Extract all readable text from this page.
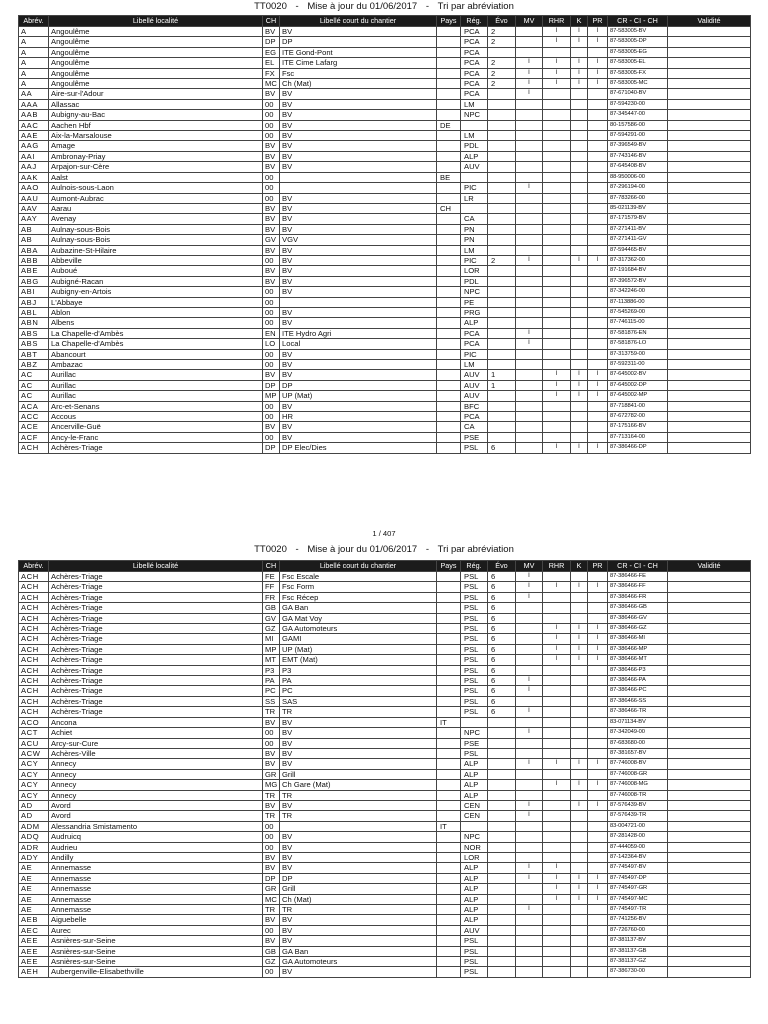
TT0020 - Mise à jour du 01/06/2017 - Tri par abréviation
Abrév.	Libellé localité	CH	Libellé court du chantier	Pays	Rég.	Évo	MV	RHR	K	PR	CR - CI - CH	Validité
A	Angoulême	BV	BV		PCA	2		I	I	I	87-583005-BV	
A	Angoulême	DP	DP		PCA	2		I	I	I	87-583005-DP	
A	Angoulême	EG	ITE Gond-Pont		PCA						87-583005-EG	
A	Angoulême	EL	ITE Cime Lafarg		PCA	2	I	I	I	I	87-583005-EL	
A	Angoulême	FX	Fsc		PCA	2	I	I	I	I	87-583005-FX	
A	Angoulême	MC	Ch (Mat)		PCA	2	I	I	I	I	87-583005-MC	
AA	Aire-sur-l'Adour	BV	BV		PCA		I				87-671040-BV	
AAA	Allassac	00	BV		LM						87-594230-00	
AAB	Aubigny-au-Bac	00	BV		NPC						87-345447-00	
AAC	Aachen Hbf	00	BV	DE							80-157586-00	
AAE	Aix-la-Marsalouse	00	BV		LM						87-594291-00	
AAG	Amage	BV	BV		PDL						87-396549-BV	
AAI	Ambronay-Priay	BV	BV		ALP						87-743146-BV	
AAJ	Arpajon-sur-Cère	BV	BV		AUV						87-645408-BV	
AAK	Aalst	00		BE							88-950006-00	
AAO	Aulnois-sous-Laon	00			PIC		I				87-296194-00	
AAU	Aumont-Aubrac	00	BV		LR						87-783266-00	
AAV	Aarau	BV	BV	CH							85-021139-BV	
AAY	Avenay	BV	BV		CA						87-171579-BV	
AB	Aulnay-sous-Bois	BV	BV		PN						87-271411-BV	
AB	Aulnay-sous-Bois	GV	VGV		PN						87-271411-GV	
ABA	Aubazine-St-Hilaire	BV	BV		LM						87-594465-BV	
ABB	Abbeville	00	BV		PIC	2	I		I	I	87-317362-00	
ABE	Auboué	BV	BV		LOR						87-191684-BV	
ABG	Aubigné-Racan	BV	BV		PDL						87-396572-BV	
ABI	Aubigny-en-Artois	00	BV		NPC						87-342246-00	
ABJ	L'Abbaye	00			PE						87-113886-00	
ABL	Ablon	00	BV		PRG						87-545269-00	
ABN	Albens	00	BV		ALP						87-746115-00	
ABS	La Chapelle-d'Ambès	EN	ITE Hydro Agri		PCA		I				87-581876-EN	
ABS	La Chapelle-d'Ambès	LO	Local		PCA		I				87-581876-LO	
ABT	Abancourt	00	BV		PIC						87-313759-00	
ABZ	Ambazac	00	BV		LM						87-592311-00	
AC	Aurillac	BV	BV		AUV	1		I	I	I	87-645002-BV	
AC	Aurillac	DP	DP		AUV	1		I	I	I	87-645002-DP	
AC	Aurillac	MP	UP (Mat)		AUV			I	I	I	87-645002-MP	
ACA	Arc-et-Senans	00	BV		BFC						87-718841-00	
ACC	Accous	00	HR		PCA						87-672782-00	
ACE	Ancerville-Guë	BV	BV		CA						87-175166-BV	
ACF	Ancy-le-Franc	00	BV		PSE						87-713164-00	
ACH	Achères-Triage	DP	DP Elec/Dies		PSL	6		I	I	I	87-386466-DP	
1 / 407
TT0020 - Mise à jour du 01/06/2017 - Tri par abréviation
Abrév.	Libellé localité	CH	Libellé court du chantier	Pays	Rég.	Évo	MV	RHR	K	PR	CR - CI - CH	Validité
ACH	Achères-Triage	FE	Fsc Escale		PSL	6	I				87-386466-FE	
ACH	Achères-Triage	FF	Fsc Form		PSL	6	I	I	I	I	87-386466-FF	
ACH	Achères-Triage	FR	Fsc Récep		PSL	6	I				87-386466-FR	
ACH	Achères-Triage	GB	GA Ban		PSL	6					87-386466-GB	
ACH	Achères-Triage	GV	GA Mat Voy		PSL	6					87-386466-GV	
ACH	Achères-Triage	GZ	GA Automoteurs		PSL	6		I	I	I	87-386466-GZ	
ACH	Achères-Triage	MI	GAMI		PSL	6		I	I	I	87-386466-MI	
ACH	Achères-Triage	MP	UP (Mat)		PSL	6		I	I	I	87-386466-MP	
ACH	Achères-Triage	MT	EMT (Mat)		PSL	6		I	I	I	87-386466-MT	
ACH	Achères-Triage	P3	P3		PSL	6					87-386466-P3	
ACH	Achères-Triage	PA	PA		PSL	6	I				87-386466-PA	
ACH	Achères-Triage	PC	PC		PSL	6	I				87-386466-PC	
ACH	Achères-Triage	SS	SAS		PSL	6					87-386466-SS	
ACH	Achères-Triage	TR	TR		PSL	6	I				87-386466-TR	
ACO	Ancona	BV	BV	IT							83-071134-BV	
ACT	Achiet	00	BV		NPC		I				87-342049-00	
ACU	Arcy-sur-Cure	00	BV		PSE						87-683680-00	
ACW	Achères-Ville	BV	BV		PSL						87-381657-BV	
ACY	Annecy	BV	BV		ALP		I	I	I	I	87-746008-BV	
ACY	Annecy	GR	Grill		ALP						87-746008-GR	
ACY	Annecy	MG	Ch Gare (Mat)		ALP			I	I	I	87-746008-MG	
ACY	Annecy	TR	TR		ALP						87-746008-TR	
AD	Avord	BV	BV		CEN		I		I	I	87-576439-BV	
AD	Avord	TR	TR		CEN		I				87-576439-TR	
ADM	Alessandria Smistamento	00		IT							83-004721-00	
ADQ	Audruicq	00	BV		NPC						87-281428-00	
ADR	Audrieu	00	BV		NOR						87-444059-00	
ADY	Andilly	BV	BV		LOR						87-142364-BV	
AE	Annemasse	BV	BV		ALP		I	I			87-745497-BV	
AE	Annemasse	DP	DP		ALP		I	I	I	I	87-745497-DP	
AE	Annemasse	GR	Grill		ALP			I	I	I	87-745497-GR	
AE	Annemasse	MC	Ch (Mat)		ALP			I	I	I	87-745497-MC	
AE	Annemasse	TR	TR		ALP		I				87-745497-TR	
AEB	Aiguebelle	BV	BV		ALP						87-741256-BV	
AEC	Aurec	00	BV		AUV						87-726760-00	
AEE	Asnières-sur-Seine	BV	BV		PSL						87-381137-BV	
AEE	Asnières-sur-Seine	GB	GA Ban		PSL						87-381137-GB	
AEE	Asnières-sur-Seine	GZ	GA Automoteurs		PSL						87-381137-GZ	
AEH	Aubergenville-Elisabethville	00	BV		PSL						87-386730-00	
